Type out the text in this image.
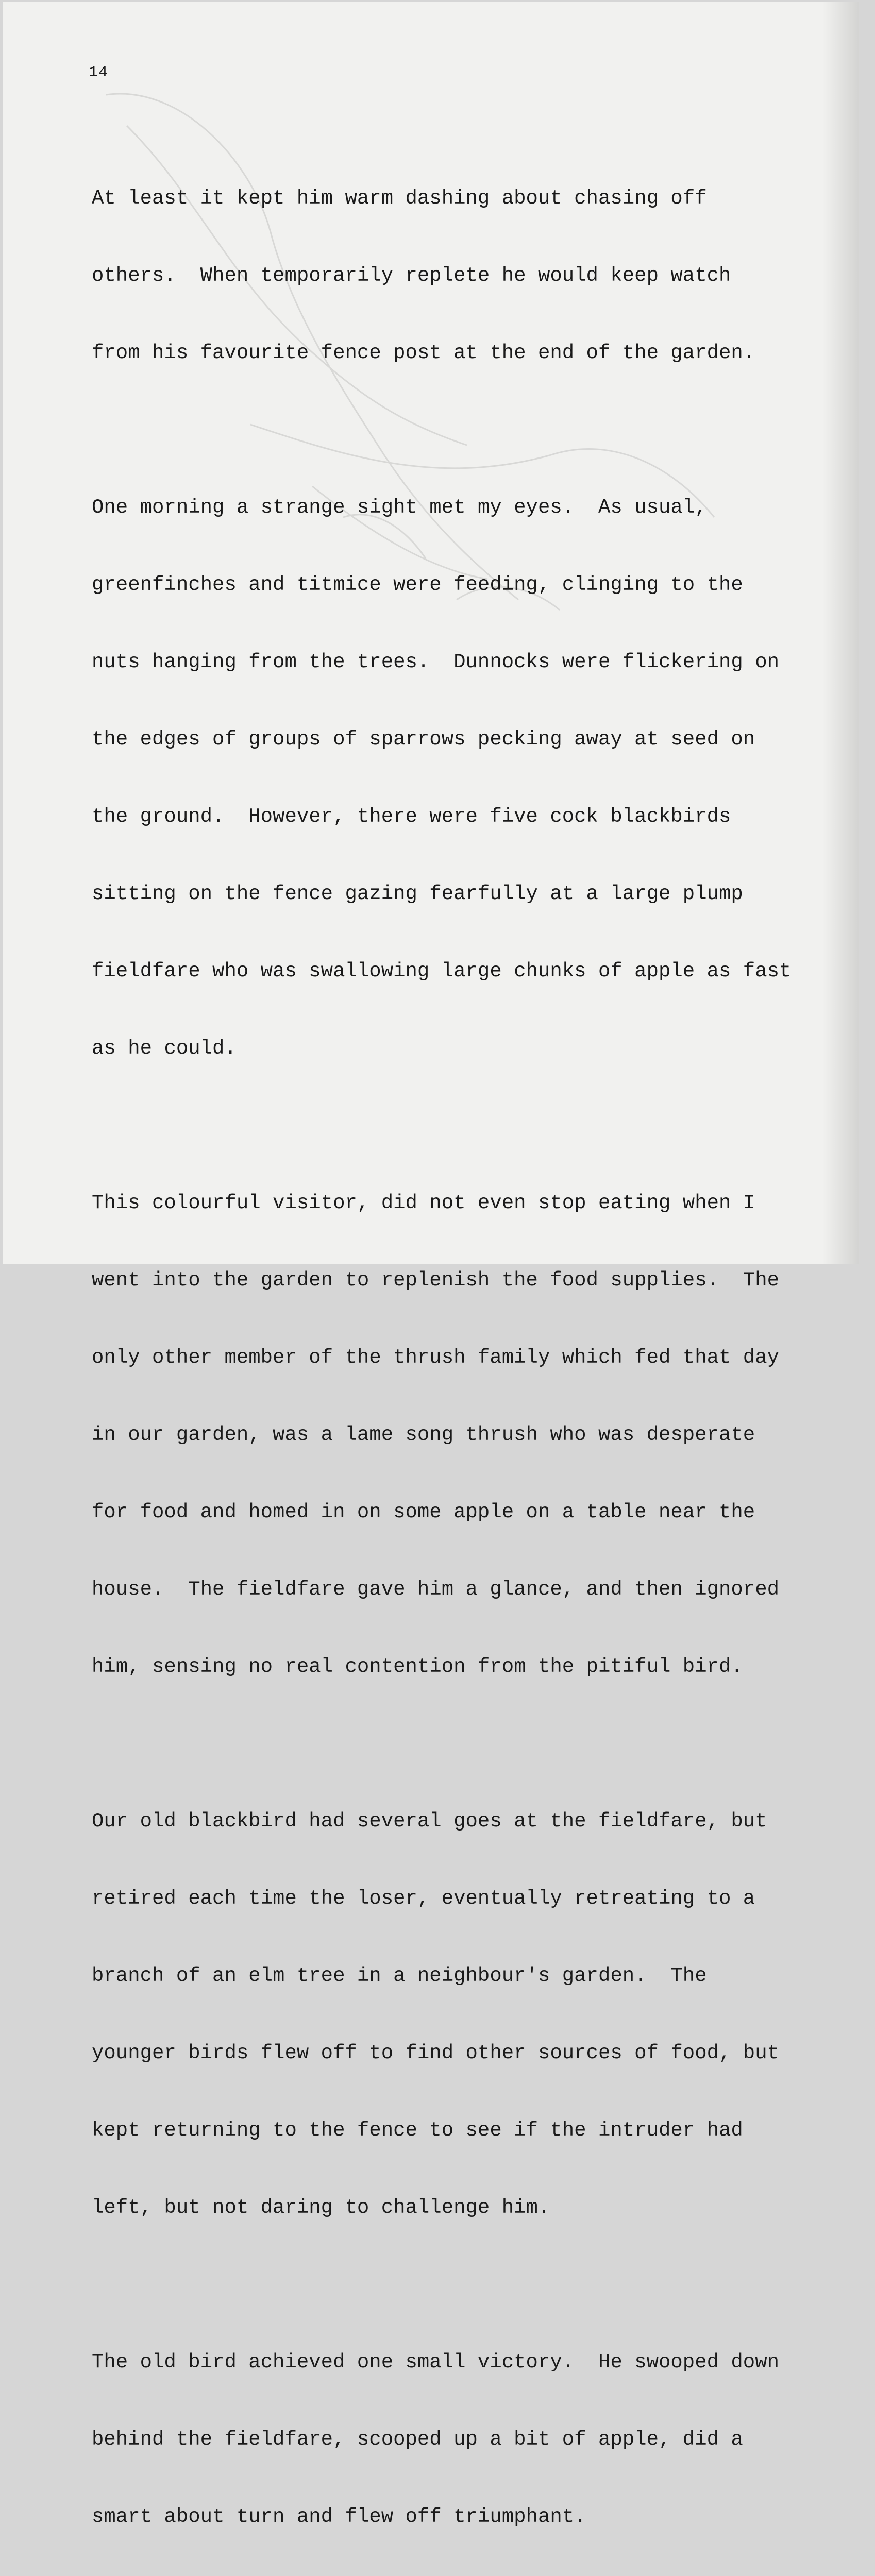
14

At least it kept him warm dashing about chasing off

others.  When temporarily replete he would keep watch

from his favourite fence post at the end of the garden.

One morning a strange sight met my eyes.  As usual,

greenfinches and titmice were feeding, clinging to the

nuts hanging from the trees.  Dunnocks were flickering on

the edges of groups of sparrows pecking away at seed on

the ground.  However, there were five cock blackbirds

sitting on the fence gazing fearfully at a large plump

fieldfare who was swallowing large chunks of apple as fast

as he could.

This colourful visitor, did not even stop eating when I

went into the garden to replenish the food supplies.  The

only other member of the thrush family which fed that day

in our garden, was a lame song thrush who was desperate

for food and homed in on some apple on a table near the

house.  The fieldfare gave him a glance, and then ignored

him, sensing no real contention from the pitiful bird.

Our old blackbird had several goes at the fieldfare, but

retired each time the loser, eventually retreating to a

branch of an elm tree in a neighbour's garden.  The

younger birds flew off to find other sources of food, but

kept returning to the fence to see if the intruder had

left, but not daring to challenge him.

The old bird achieved one small victory.  He swooped down

behind the fieldfare, scooped up a bit of apple, did a

smart about turn and flew off triumphant.
